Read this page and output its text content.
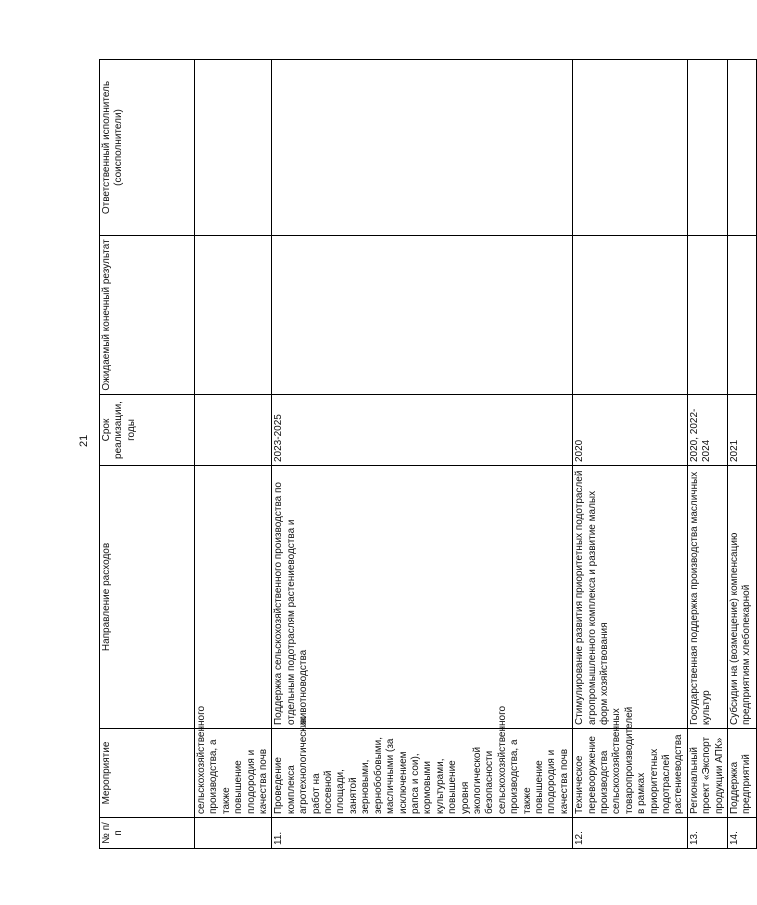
21
№ п/п	Мероприятие	Направление расходов	Срок реализации, годы	Ожидаемый конечный результат	Ответственный исполнитель (соисполнители)
	сельскохозяйственного производства, а также повышение плодородия и качества почв				
11.	Проведение комплекса агротехнологических работ на посевной площади, занятой зерновыми, зернобобовыми, масличными (за исключением рапса и сои), кормовыми культурами, повышение уровня экологической безопасности сельскохозяйственного производства, а также повышение плодородия и качества почв	Поддержка сельскохозяйственного производства по отдельным подотраслям растениеводства и животноводства	2023-2025		
12.	Техническое перевооружение производства сельскохозяйственных товаропроизводителей в рамках приоритетных подотраслей растениеводства	Стимулирование развития приоритетных подотраслей агропромышленного комплекса и развитие малых форм хозяйствования	2020		
13.	Региональный проект «Экспорт продукции АПК»	Государственная поддержка производства масличных культур	2020, 2022-2024		
14.	Поддержка предприятий	Субсидии на (возмещение) компенсацию предприятиям хлебопекарной	2021		
